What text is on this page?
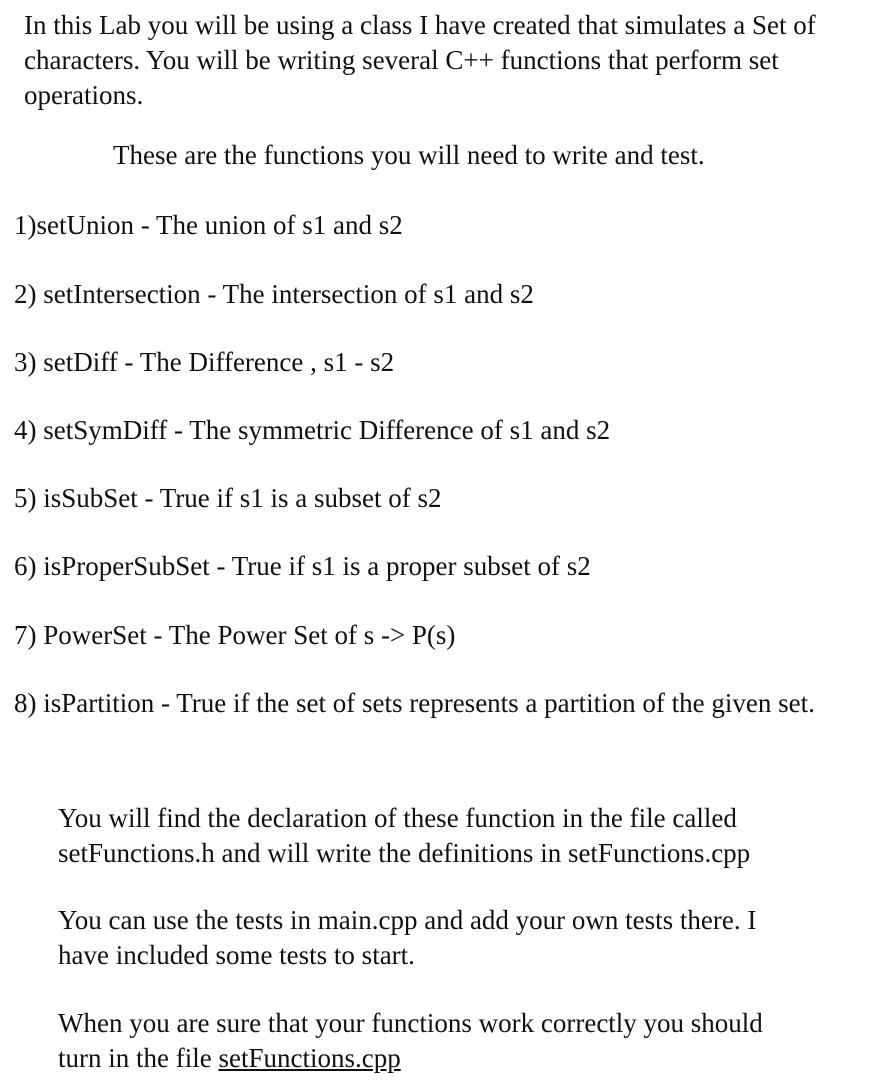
In this Lab you will be using a class I have created that simulates a Set of
characters. You will be writing several C++ functions that perform set
operations.
These are the functions you will need to write and test.
1)setUnion - The union of s1 and s2
2) setIntersection - The intersection of s1 and s2
3) setDiff - The Difference , s1 - s2
4) setSymDiff - The symmetric Difference of s1 and s2
5) isSubSet - True if s1 is a subset of s2
6) isProperSubSet - True if s1 is a proper subset of s2
7) PowerSet - The Power Set of s -> P(s)
8) isPartition - True if the set of sets represents a partition of the given set.
You will find the declaration of these function in the file called
setFunctions.h and will write the definitions in setFunctions.cpp
You can use the tests in main.cpp and add your own tests there. I
have included some tests to start.
When you are sure that your functions work correctly you should
turn in the file setFunctions.cpp
